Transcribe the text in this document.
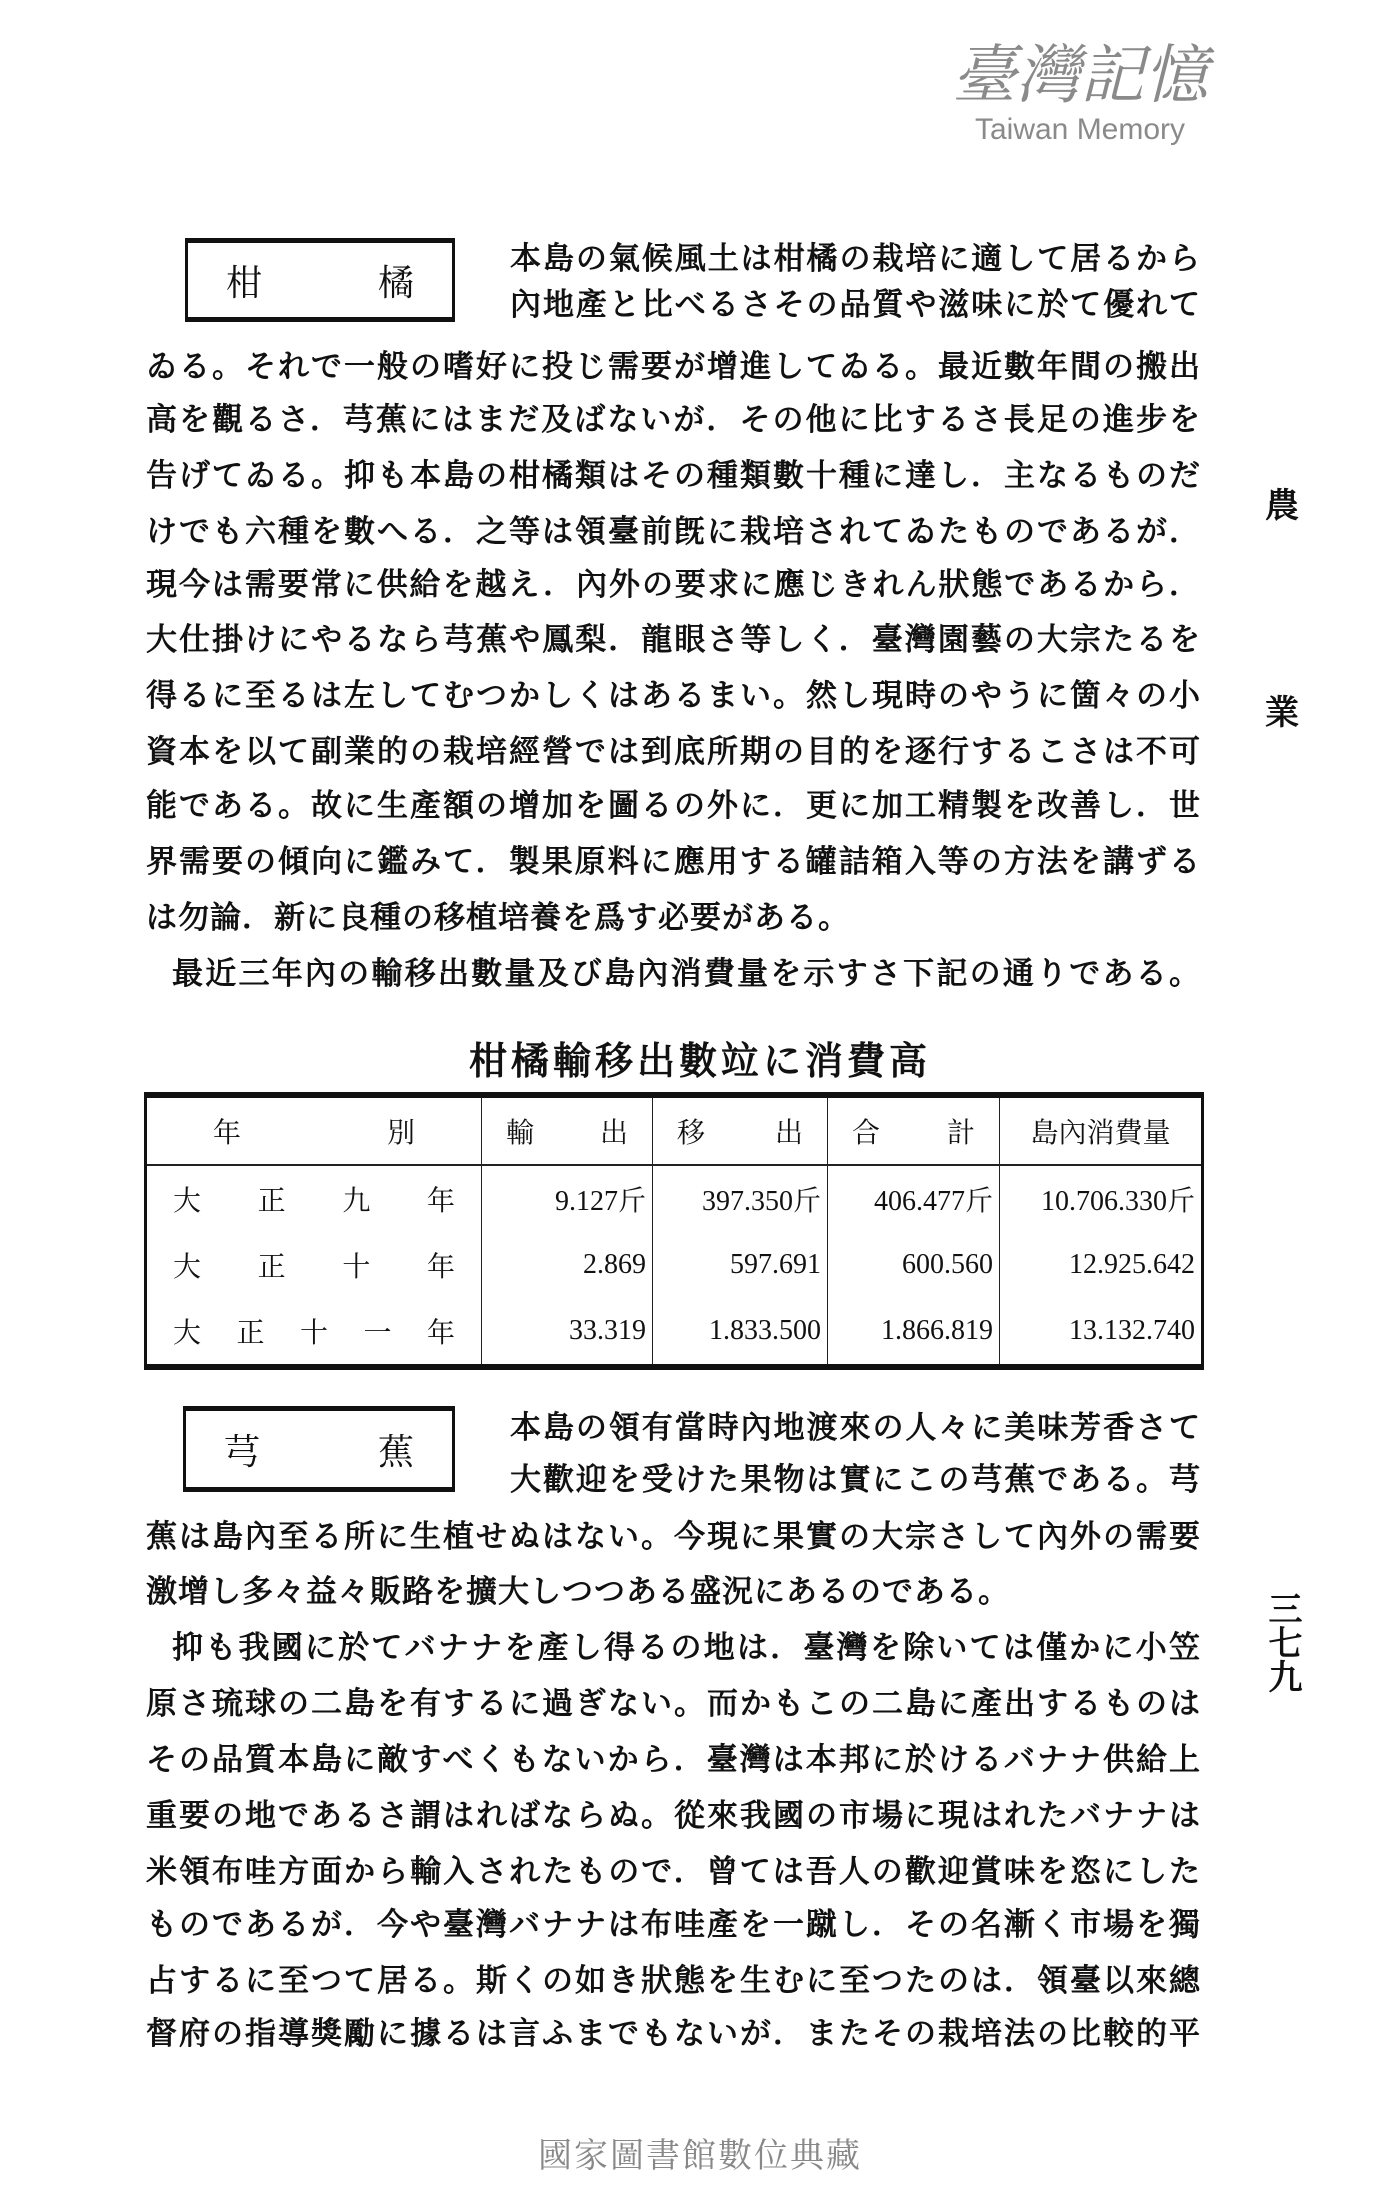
臺灣記憶
Taiwan Memory
柑	橘
本島の氣候風土は柑橘の栽培に適して居るから
內地產と比べるさその品質や滋味に於て優れて
ゐる。それで一般の嗜好に投じ需要が增進してゐる。最近數年間の搬出
高を觀るさ．芎蕉にはまだ及ばないが．その他に比するさ長足の進步を
告げてゐる。抑も本島の柑橘類はその種類數十種に達し．主なるものだ
けでも六種を數へる．之等は領臺前旣に栽培されてゐたものであるが．
現今は需要常に供給を越え．內外の要求に應じきれん狀態であるから．
大仕掛けにやるなら芎蕉や鳳梨．龍眼さ等しく．臺灣園藝の大宗たるを
得るに至るは左してむつかしくはあるまい。然し現時のやうに箇々の小
資本を以て副業的の栽培經營では到底所期の目的を逐行するこさは不可
能である。故に生產額の增加を圖るの外に．更に加工精製を改善し．世
界需要の傾向に鑑みて．製果原料に應用する罐詰箱入等の方法を講ずる
は勿論．新に良種の移植培養を爲す必要がある。
最近三年內の輸移出數量及び島內消費量を示すさ下記の通りである。
柑橘輸移出數竝に消費高
年 別	輸 出	移 出	合 計	島內消費量

大 正 九 年	9.127斤	397.350斤	406.477斤	10.706.330斤

大 正 十 年	2.869	597.691	600.560	12.925.642

大 正 十 一 年	33.319	1.833.500	1.866.819	13.132.740
芎	蕉
本島の領有當時內地渡來の人々に美味芳香さて
大歡迎を受けた果物は實にこの芎蕉である。芎
蕉は島內至る所に生植せぬはない。今現に果實の大宗さして內外の需要
激增し多々益々販路を擴大しつつある盛況にあるのである。
抑も我國に於てバナナを產し得るの地は．臺灣を除いては僅かに小笠
原さ琉球の二島を有するに過ぎない。而かもこの二島に產出するものは
その品質本島に敵すべくもないから．臺灣は本邦に於けるバナナ供給上
重要の地であるさ謂はればならぬ。從來我國の市場に現はれたバナナは
米領布哇方面から輸入されたもので．曾ては吾人の歡迎賞味を恣にした
ものであるが．今や臺灣バナナは布哇產を一蹴し．その名漸く市場を獨
占するに至つて居る。斯くの如き狀態を生むに至つたのは．領臺以來總
督府の指導獎勵に據るは言ふまでもないが．またその栽培法の比較的平
農
業
三七九
國家圖書館數位典藏
